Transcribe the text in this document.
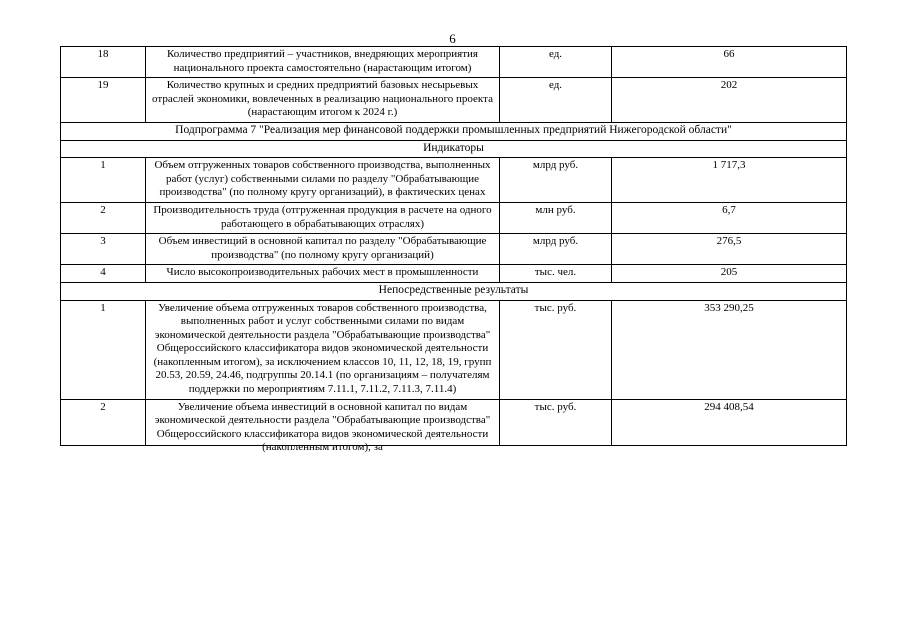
6
18	Количество предприятий – участников, внедряющих мероприятия национального проекта самостоятельно (нарастающим итогом)	ед.	66
19	Количество крупных и средних предприятий базовых несырьевых отраслей экономики, вовлеченных в реализацию национального проекта (нарастающим итогом к 2024 г.)	ед.	202
Подпрограмма 7 "Реализация мер финансовой поддержки промышленных предприятий Нижегородской области"			
Индикаторы			
1	Объем отгруженных товаров собственного производства, выполненных работ (услуг) собственными силами по разделу "Обрабатывающие производства" (по полному кругу организаций), в фактических ценах	млрд руб.	1 717,3
2	Производительность труда (отгруженная продукция в расчете на одного работающего в обрабатывающих отраслях)	млн руб.	6,7
3	Объем инвестиций в основной капитал по разделу "Обрабатывающие производства" (по полному кругу организаций)	млрд руб.	276,5
4	Число высокопроизводительных рабочих мест в промышленности	тыс. чел.	205
Непосредственные результаты			
1	Увеличение объема отгруженных товаров собственного производства, выполненных работ и услуг собственными силами по видам экономической деятельности раздела "Обрабатывающие производства" Общероссийского классификатора видов экономической деятельности (накопленным итогом), за исключением классов 10, 11, 12, 18, 19, групп 20.53, 20.59, 24.46, подгруппы 20.14.1 (по организациям – получателям поддержки по мероприятиям 7.11.1, 7.11.2, 7.11.3, 7.11.4)	тыс. руб.	353 290,25
2	Увеличение объема инвестиций в основной капитал по видам экономической деятельности раздела "Обрабатывающие производства" Общероссийского классификатора видов экономической деятельности (накопленным итогом), за	тыс. руб.	294 408,54
